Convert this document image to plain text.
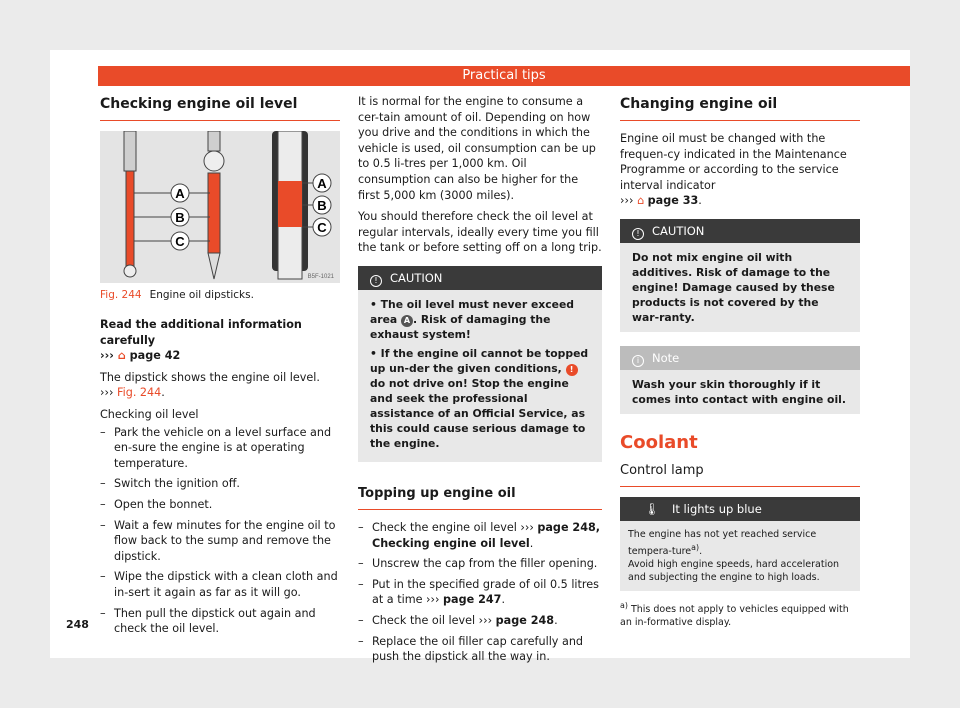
Practical tips
Checking engine oil level
A
B
C
A
B
C
B5F-1021
Fig. 244 Engine oil dipsticks.

Read the additional information carefully
››› ⌂ page 42

The dipstick shows the engine oil level.
››› Fig. 244.

Checking oil level

– Park the vehicle on a level surface and en-sure the engine is at operating temperature.
– Switch the ignition off.
– Open the bonnet.
– Wait a few minutes for the engine oil to flow back to the sump and remove the dipstick.
– Wipe the dipstick with a clean cloth and in-sert it again as far as it will go.
– Then pull the dipstick out again and check the oil level.

It is normal for the engine to consume a cer-tain amount of oil. Depending on how you drive and the conditions in which the vehicle is used, oil consumption can be up to 0.5 li-tres per 1,000 km. Oil consumption can also be higher for the first 5,000 km (3000 miles).

You should therefore check the oil level at regular intervals, ideally every time you fill the tank or before setting off on a long trip.

! CAUTION

• The oil level must never exceed area A . Risk of damaging the exhaust system!

• If the engine oil cannot be topped up un-der the given conditions, ! do not drive on! Stop the engine and seek the professional assistance of an Official Service, as this could cause serious damage to the engine.

Topping up engine oil
– Check the engine oil level ››› page 248, Checking engine oil level.
– Unscrew the cap from the filler opening.
– Put in the specified grade of oil 0.5 litres at a time ››› page 247.
– Check the oil level ››› page 248.
– Replace the oil filler cap carefully and push the dipstick all the way in.
Changing engine oil

Engine oil must be changed with the frequen-cy indicated in the Maintenance Programme or according to the service interval indicator
››› ⌂ page 33.

! CAUTION
Do not mix engine oil with additives. Risk of damage to the engine! Damage caused by these products is not covered by the war-ranty.
i Note
Wash your skin thoroughly if it comes into contact with engine oil.
Coolant
Control lamp
🌡 It lights up blue
The engine has not yet reached service tempera-ture$^{a)}$.
Avoid high engine speeds, hard acceleration and subjecting the engine to high loads.
$^{a)}$ This does not apply to vehicles equipped with an in-formative display.
248
